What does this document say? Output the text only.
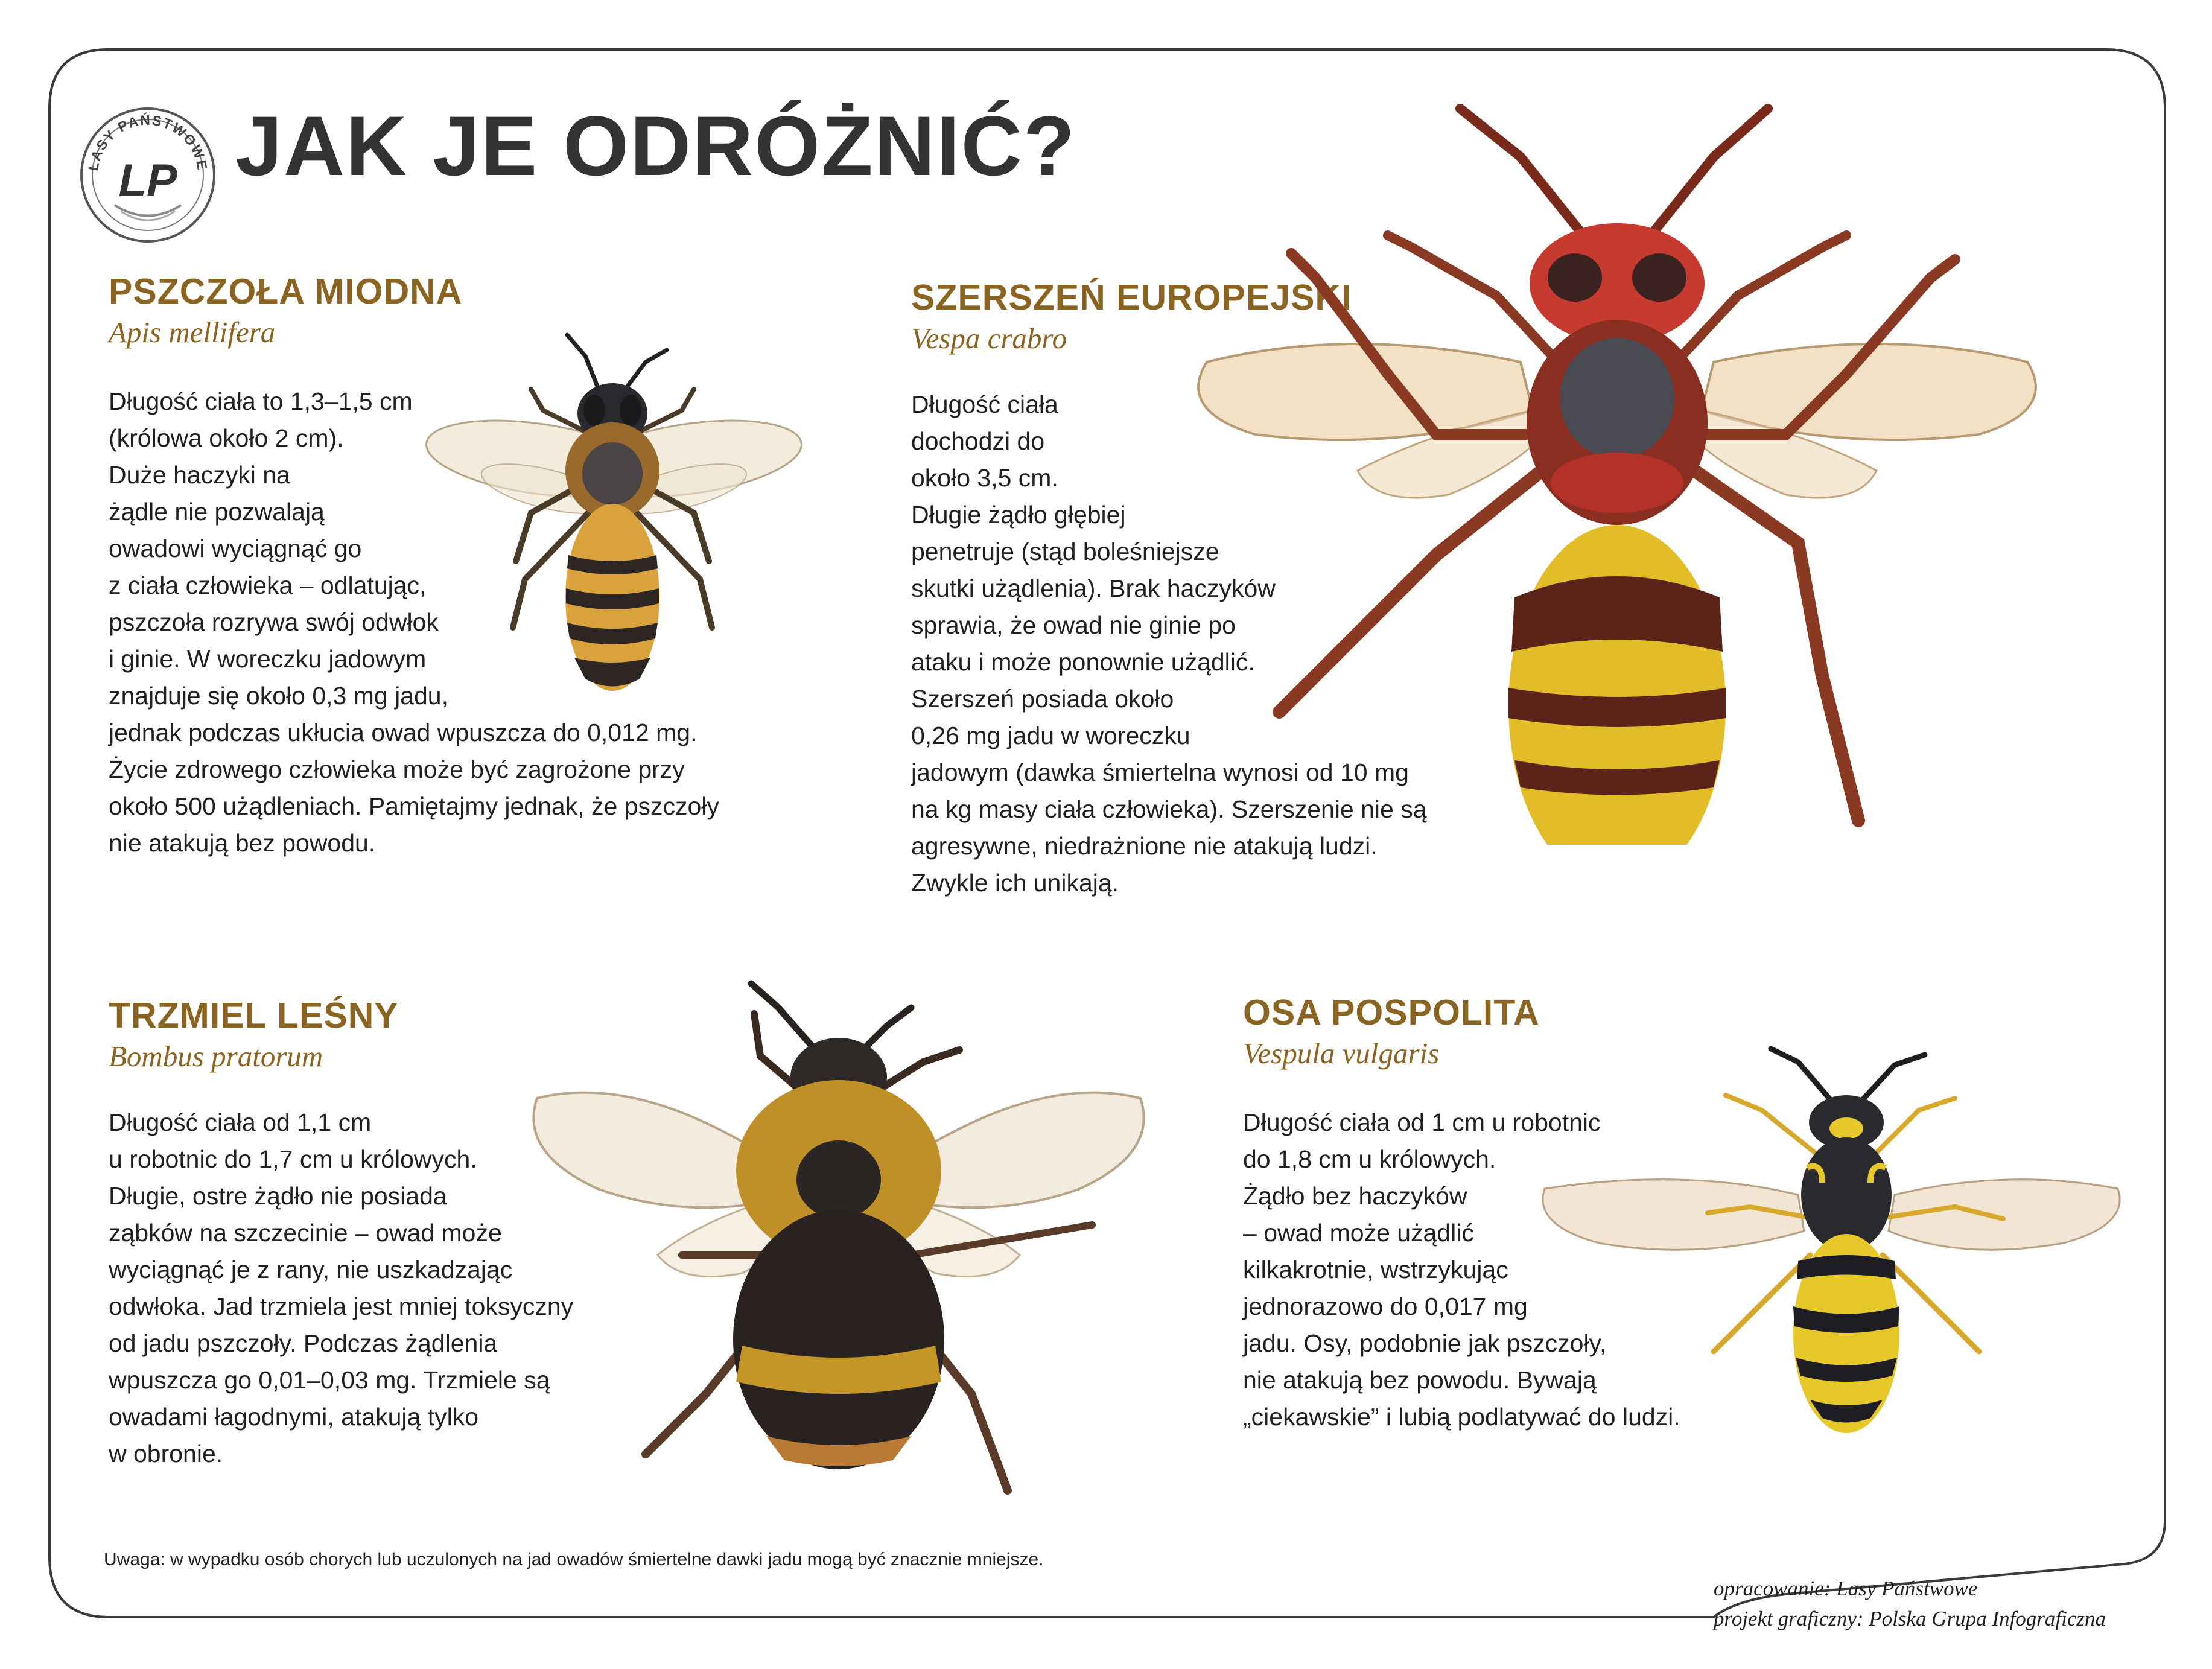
LASY PAŃSTWOWE
LP JAK JE ODRÓŻNIĆ?
PSZCZOŁA MIODNA
Apis mellifera
Długość ciała to 1,3–1,5 cm
(królowa około 2 cm).
Duże haczyki na
żądle nie pozwalają
owadowi wyciągnąć go
z ciała człowieka – odlatując,
pszczoła rozrywa swój odwłok
i ginie. W woreczku jadowym
znajduje się około 0,3 mg jadu,
jednak podczas ukłucia owad wpuszcza do 0,012 mg.
Życie zdrowego człowieka może być zagrożone przy
około 500 użądleniach. Pamiętajmy jednak, że pszczoły
nie atakują bez powodu.
SZERSZEŃ EUROPEJSKI
Vespa crabro
Długość ciała
dochodzi do
około 3,5 cm.
Długie żądło głębiej
penetruje (stąd boleśniejsze
skutki użądlenia). Brak haczyków
sprawia, że owad nie ginie po
ataku i może ponownie użądlić.
Szerszeń posiada około
0,26 mg jadu w woreczku
jadowym (dawka śmiertelna wynosi od 10 mg
na kg masy ciała człowieka). Szerszenie nie są
agresywne, niedrażnione nie atakują ludzi.
Zwykle ich unikają.
TRZMIEL LEŚNY
Bombus pratorum
Długość ciała od 1,1 cm
u robotnic do 1,7 cm u królowych.
Długie, ostre żądło nie posiada
ząbków na szczecinie – owad może
wyciągnąć je z rany, nie uszkadzając
odwłoka. Jad trzmiela jest mniej toksyczny
od jadu pszczoły. Podczas żądlenia
wpuszcza go 0,01–0,03 mg. Trzmiele są
owadami łagodnymi, atakują tylko
w obronie.
OSA POSPOLITA
Vespula vulgaris
Długość ciała od 1 cm u robotnic
do 1,8 cm u królowych.
Żądło bez haczyków
– owad może użądlić
kilkakrotnie, wstrzykując
jednorazowo do 0,017 mg
jadu. Osy, podobnie jak pszczoły,
nie atakują bez powodu. Bywają
„ciekawskie” i lubią podlatywać do ludzi.
Uwaga: w wypadku osób chorych lub uczulonych na jad owadów śmiertelne dawki jadu mogą być znacznie mniejsze.
opracowanie: Lasy Państwowe
projekt graficzny: Polska Grupa Infograficzna
